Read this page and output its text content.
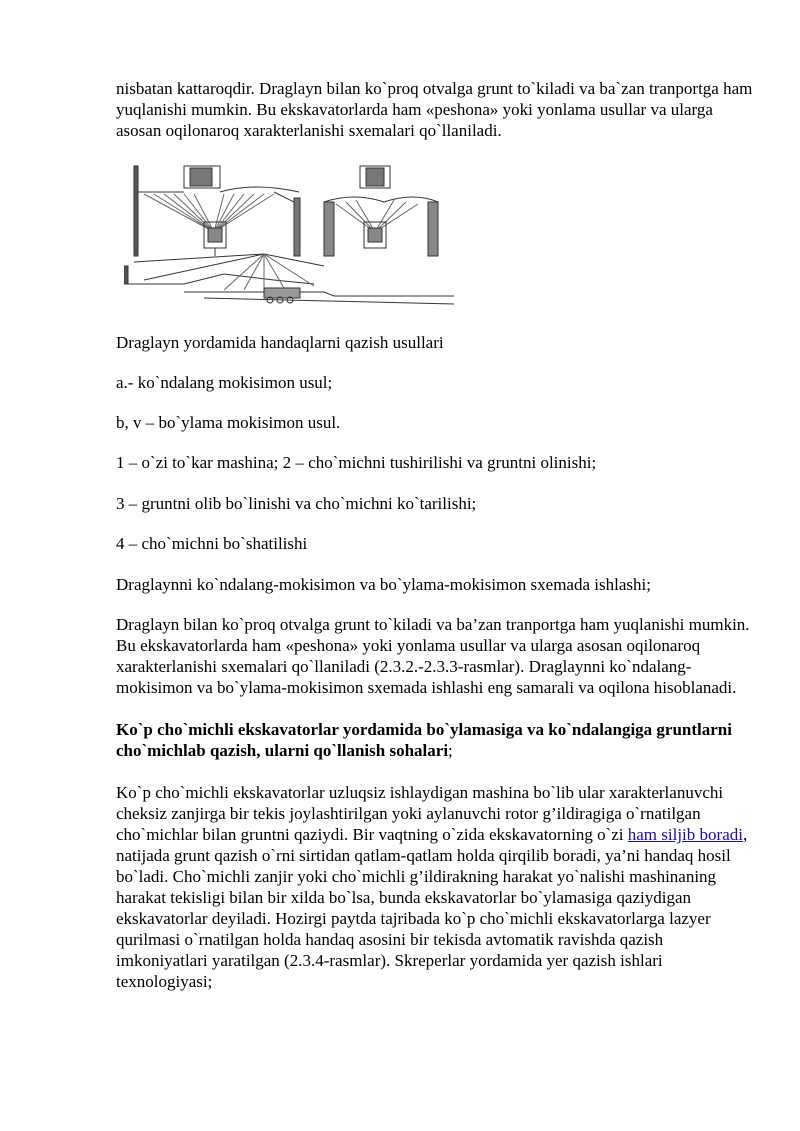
nisbatan kattaroqdir. Draglayn bilan ko`proq otvalga grunt to`kiladi va ba`zan tranportga ham yuqlanishi mumkin. Bu ekskavatorlarda ham «peshona» yoki yonlama usullar va ularga asosan oqilonaroq xarakterlanishi sxemalari qo`llaniladi.

Draglayn yordamida handaqlarni qazish usullari

a.- ko`ndalang mokisimon usul;

b, v – bo`ylama mokisimon usul.

1 – o`zi to`kar mashina; 2 – cho`michni tushirilishi va gruntni olinishi;

3 – gruntni olib bo`linishi va cho`michni ko`tarilishi;

4 – cho`michni bo`shatilishi

Draglaynni ko`ndalang-mokisimon va bo`ylama-mokisimon sxemada ishlashi;

Draglayn bilan ko`proq otvalga grunt to`kiladi va ba’zan tranportga ham yuqlanishi mumkin. Bu ekskavatorlarda ham «peshona» yoki yonlama usullar va ularga asosan oqilonaroq xarakterlanishi sxemalari qo`llaniladi (2.3.2.-2.3.3-rasmlar). Draglaynni ko`ndalang-mokisimon va bo`ylama-mokisimon sxemada ishlashi eng samarali va oqilona hisoblanadi.

Ko`p cho`michli ekskavatorlar yordamida bo`ylamasiga va ko`ndalangiga gruntlarni cho`michlab qazish, ularni qo`llanish sohalari;

Ko`p cho`michli ekskavatorlar uzluqsiz ishlaydigan mashina bo`lib ular xarakterlanuvchi cheksiz zanjirga bir tekis joylashtirilgan yoki aylanuvchi rotor g’ildiragiga o`rnatilgan cho`michlar bilan gruntni qaziydi. Bir vaqtning o`zida ekskavatorning o`zi ham siljib boradi, natijada grunt qazish o`rni sirtidan qatlam-qatlam holda qirqilib boradi, ya’ni handaq hosil bo`ladi. Cho`michli zanjir yoki cho`michli g’ildirakning harakat yo`nalishi mashinaning harakat tekisligi bilan bir xilda bo`lsa, bunda ekskavatorlar bo`ylamasiga qaziydigan ekskavatorlar deyiladi. Hozirgi paytda tajribada ko`p cho`michli ekskavatorlarga lazyer qurilmasi o`rnatilgan holda handaq asosini bir tekisda avtomatik ravishda qazish imkoniyatlari yaratilgan (2.3.4-rasmlar). Skreperlar yordamida yer qazish ishlari texnologiyasi;
